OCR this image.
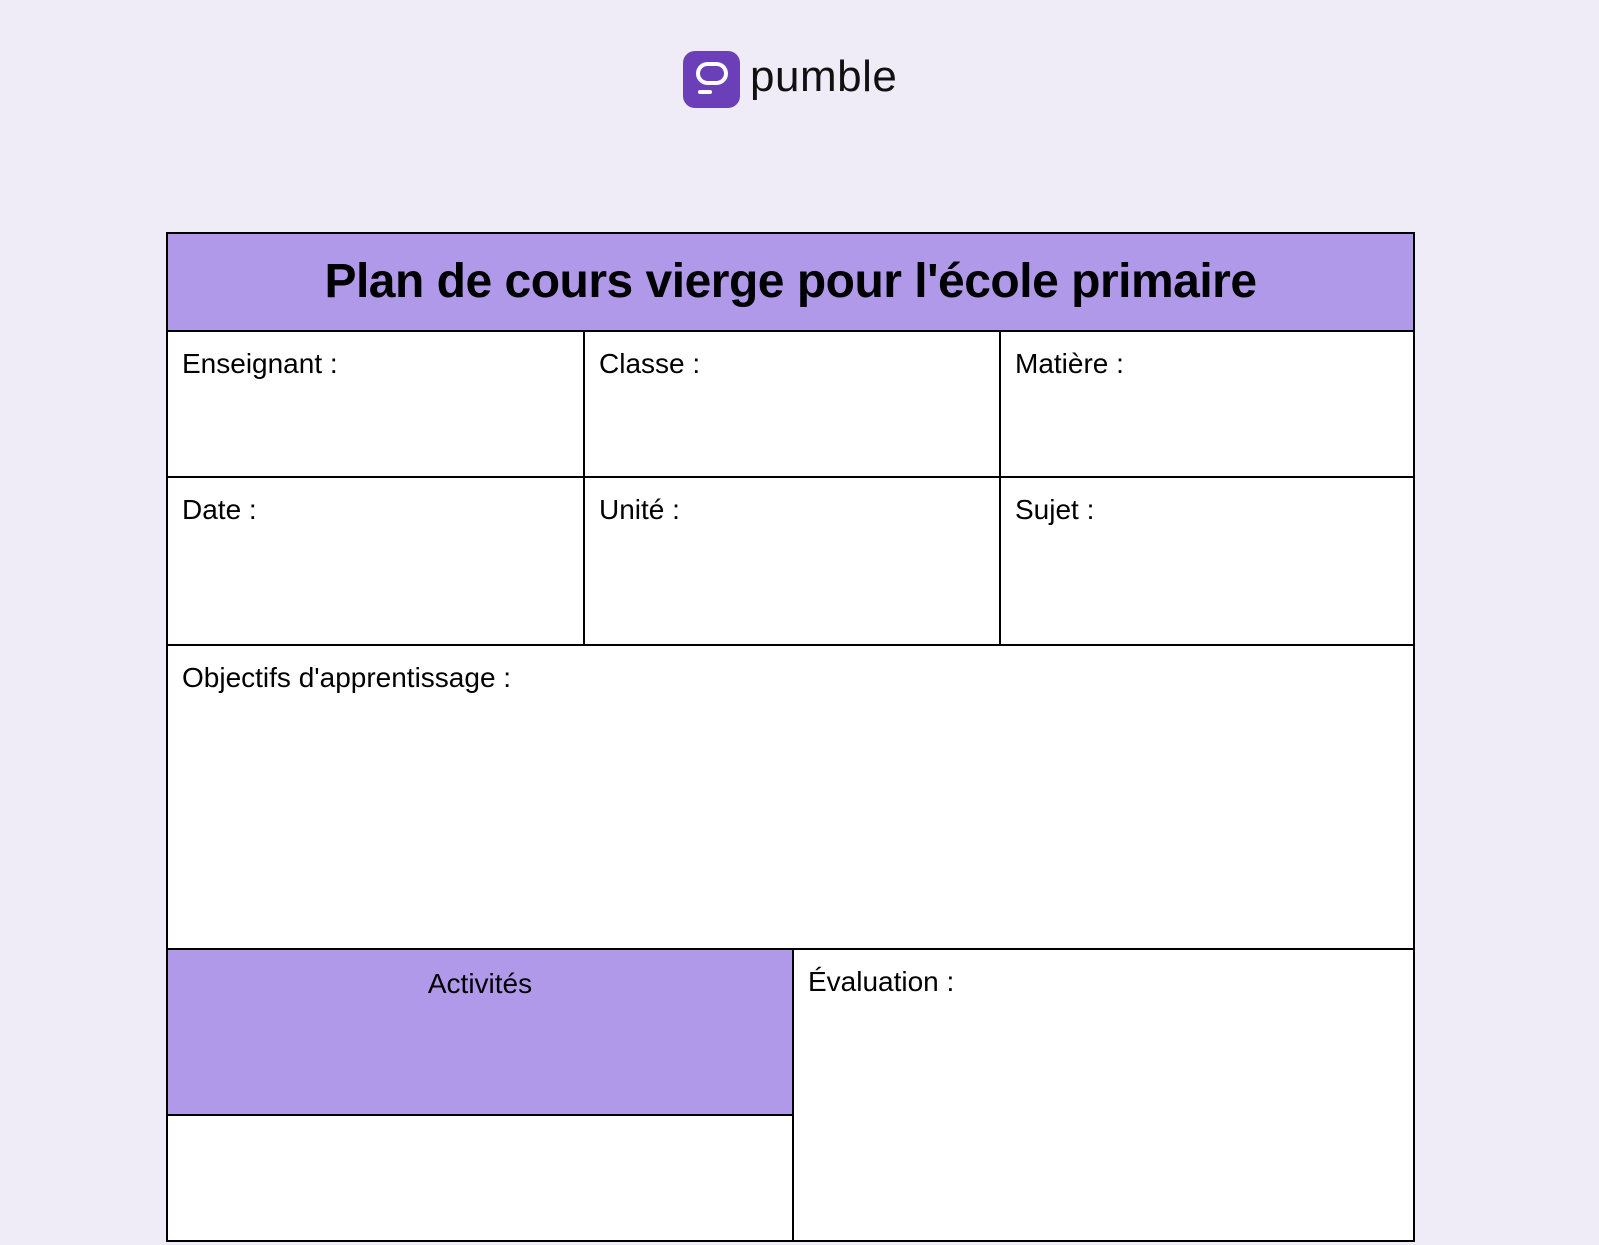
pumble
Plan de cours vierge pour l'école primaire
Enseignant :	Classe :	Matière :
Date :	Unité :	Sujet :
Objectifs d'apprentissage :
Activités	Évaluation :
